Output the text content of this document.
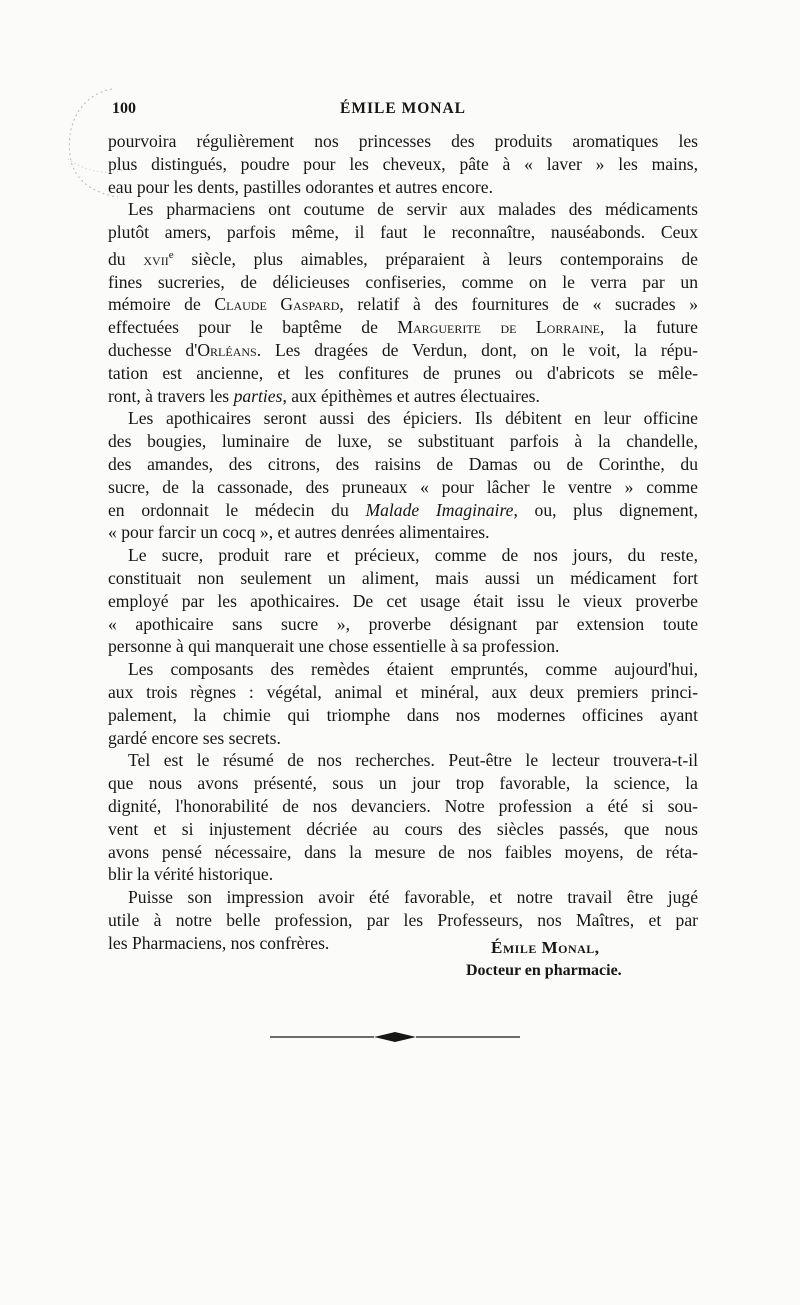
100	ÉMILE MONAL
pourvoira régulièrement nos princesses des produits aromatiques les
plus distingués, poudre pour les cheveux, pâte à « laver » les mains,
eau pour les dents, pastilles odorantes et autres encore.
Les pharmaciens ont coutume de servir aux malades des médicaments
plutôt amers, parfois même, il faut le reconnaître, nauséabonds. Ceux
du xvii$^e$ siècle, plus aimables, préparaient à leurs contemporains de
fines sucreries, de délicieuses confiseries, comme on le verra par un
mémoire de Claude Gaspard, relatif à des fournitures de « sucrades »
effectuées pour le baptême de Marguerite de Lorraine, la future
duchesse d'Orléans. Les dragées de Verdun, dont, on le voit, la répu-
tation est ancienne, et les confitures de prunes ou d'abricots se mêle-
ront, à travers les parties, aux épithèmes et autres électuaires.
Les apothicaires seront aussi des épiciers. Ils débitent en leur officine
des bougies, luminaire de luxe, se substituant parfois à la chandelle,
des amandes, des citrons, des raisins de Damas ou de Corinthe, du
sucre, de la cassonade, des pruneaux « pour lâcher le ventre » comme
en ordonnait le médecin du Malade Imaginaire, ou, plus dignement,
« pour farcir un cocq », et autres denrées alimentaires.
Le sucre, produit rare et précieux, comme de nos jours, du reste,
constituait non seulement un aliment, mais aussi un médicament fort
employé par les apothicaires. De cet usage était issu le vieux proverbe
« apothicaire sans sucre », proverbe désignant par extension toute
personne à qui manquerait une chose essentielle à sa profession.
Les composants des remèdes étaient empruntés, comme aujourd'hui,
aux trois règnes : végétal, animal et minéral, aux deux premiers princi-
palement, la chimie qui triomphe dans nos modernes officines ayant
gardé encore ses secrets.
Tel est le résumé de nos recherches. Peut-être le lecteur trouvera-t-il
que nous avons présenté, sous un jour trop favorable, la science, la
dignité, l'honorabilité de nos devanciers. Notre profession a été si sou-
vent et si injustement décriée au cours des siècles passés, que nous
avons pensé nécessaire, dans la mesure de nos faibles moyens, de réta-
blir la vérité historique.
Puisse son impression avoir été favorable, et notre travail être jugé
utile à notre belle profession, par les Professeurs, nos Maîtres, et par
les Pharmaciens, nos confrères.	Émile Monal,
Docteur en pharmacie.
